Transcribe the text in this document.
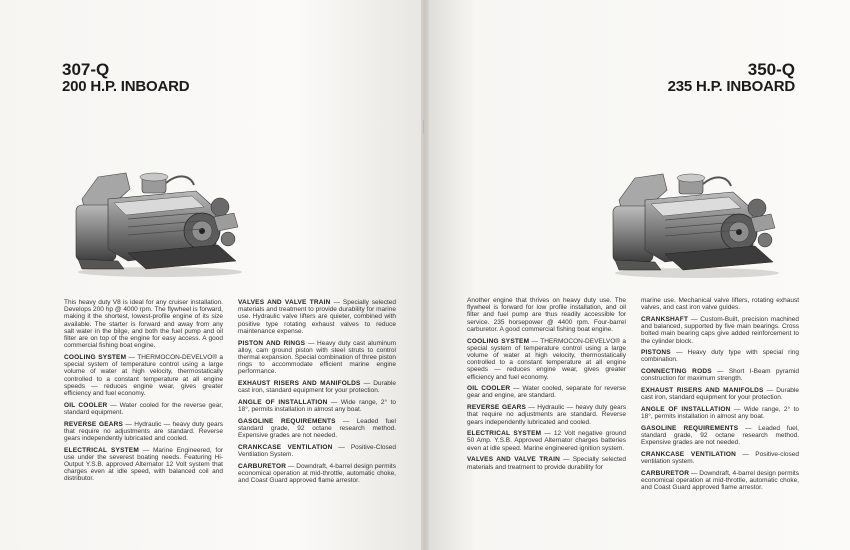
307-Q
200 H.P. INBOARD
350-Q
235 H.P. INBOARD

This heavy duty V8 is ideal for any cruiser installation. Develops 200 hp @ 4000 rpm. The flywheel is forward, making it the shortest, lowest-profile engine of its size available. The starter is forward and away from any salt water in the bilge, and both the fuel pump and oil filter are on top of the engine for easy access. A good commercial fishing boat engine.

COOLING SYSTEM — THERMOCON-DEVELVO® a special system of temperature control using a large volume of water at high velocity, thermostatically controlled to a constant temperature at all engine speeds — reduces engine wear, gives greater efficiency and fuel economy.

OIL COOLER — Water cooled for the reverse gear, standard equipment.

REVERSE GEARS — Hydraulic — heavy duty gears that require no adjustments are standard. Reverse gears independently lubricated and cooled.

ELECTRICAL SYSTEM — Marine Engineered, for use under the severest boating needs. Featuring Hi-Output Y.S.B. approved Alternator 12 Volt system that charges even at idle speed, with balanced coil and distributor.

VALVES AND VALVE TRAIN — Specially selected materials and treatment to provide durability for marine use. Hydraulic valve lifters are quieter, combined with positive type rotating exhaust valves to reduce maintenance expense.

PISTON AND RINGS — Heavy duty cast aluminum alloy, cam ground piston with steel struts to control thermal expansion. Special combination of three piston rings to accommodate efficient marine engine performance.

EXHAUST RISERS AND MANIFOLDS — Durable cast iron, standard equipment for your protection.

ANGLE OF INSTALLATION — Wide range, 2° to 18°, permits installation in almost any boat.

GASOLINE REQUIREMENTS — Leaded fuel standard grade, 92 octane research method. Expensive grades are not needed.

CRANKCASE VENTILATION — Positive-Closed Ventilation System.

CARBURETOR — Downdraft, 4-barrel design permits economical operation at mid-throttle, automatic choke, and Coast Guard approved flame arrestor.

Another engine that thrives on heavy duty use. The flywheel is forward for low profile installation, and oil filter and fuel pump are thus readily accessible for service. 235 horsepower @ 4400 rpm. Four-barrel carburetor. A good commercial fishing boat engine.

COOLING SYSTEM — THERMOCON-DEVELVO® a special system of temperature control using a large volume of water at high velocity, thermostatically controlled to a constant temperature at all engine speeds — reduces engine wear, gives greater efficiency and fuel economy.

OIL COOLER — Water cooled, separate for reverse gear and engine, are standard.

REVERSE GEARS — Hydraulic — heavy duty gears that require no adjustments are standard. Reverse gears independently lubricated and cooled.

ELECTRICAL SYSTEM — 12 Volt negative ground 50 Amp. Y.S.B. Approved Alternator charges batteries even at idle speed. Marine engineered ignition system.

VALVES AND VALVE TRAIN — Specially selected materials and treatment to provide durability for

marine use. Mechanical valve lifters, rotating exhaust valves, and cast iron valve guides.

CRANKSHAFT — Custom-Built, precision machined and balanced, supported by five main bearings. Cross bolted main bearing caps give added reinforcement to the cylinder block.

PISTONS — Heavy duty type with special ring combination.

CONNECTING RODS — Short I-Beam pyramid construction for maximum strength.

EXHAUST RISERS AND MANIFOLDS — Durable cast iron, standard equipment for your protection.

ANGLE OF INSTALLATION — Wide range, 2° to 18°, permits installation in almost any boat.

GASOLINE REQUIREMENTS — Leaded fuel, standard grade, 92 octane research method. Expensive grades are not needed.

CRANKCASE VENTILATION — Positive-closed ventilation system.

CARBURETOR — Downdraft, 4-barrel design permits economical operation at mid-throttle, automatic choke, and Coast Guard approved flame arrestor.
